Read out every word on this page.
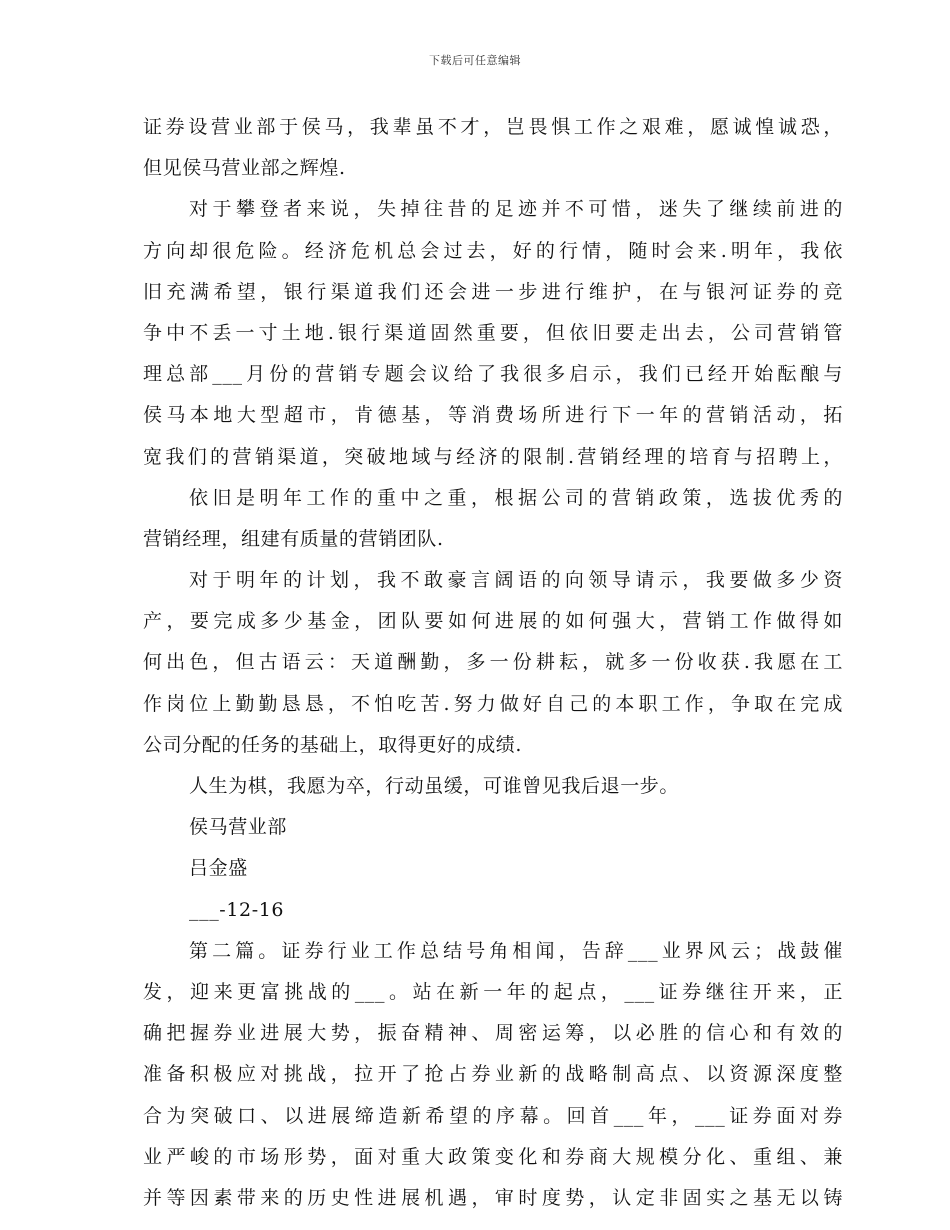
下载后可任意编辑
证券设营业部于侯马，我辈虽不才，岂畏惧工作之艰难，愿诚惶诚恐，
但见侯马营业部之辉煌.
对于攀登者来说，失掉往昔的足迹并不可惜，迷失了继续前进的
方向却很危险。经济危机总会过去，好的行情，随时会来.明年，我依
旧充满希望，银行渠道我们还会进一步进行维护，在与银河证券的竞
争中不丢一寸土地.银行渠道固然重要，但依旧要走出去，公司营销管
理总部___月份的营销专题会议给了我很多启示，我们已经开始酝酿与
侯马本地大型超市，肯德基，等消费场所进行下一年的营销活动，拓
宽我们的营销渠道，突破地域与经济的限制.营销经理的培育与招聘上，
依旧是明年工作的重中之重，根据公司的营销政策，选拔优秀的
营销经理，组建有质量的营销团队.
对于明年的计划，我不敢豪言阔语的向领导请示，我要做多少资
产，要完成多少基金，团队要如何进展的如何强大，营销工作做得如
何出色，但古语云：天道酬勤，多一份耕耘，就多一份收获.我愿在工
作岗位上勤勤恳恳，不怕吃苦.努力做好自己的本职工作，争取在完成
公司分配的任务的基础上，取得更好的成绩.
人生为棋，我愿为卒，行动虽缓，可谁曾见我后退一步。
侯马营业部
吕金盛
___-12-16
第二篇。证券行业工作总结号角相闻，告辞___业界风云；战鼓催
发，迎来更富挑战的___。站在新一年的起点，___证券继往开来，正
确把握券业进展大势，振奋精神、周密运筹，以必胜的信心和有效的
准备积极应对挑战，拉开了抢占券业新的战略制高点、以资源深度整
合为突破口、以进展缔造新希望的序幕。回首___年，___证券面对券
业严峻的市场形势，面对重大政策变化和券商大规模分化、重组、兼
并等因素带来的历史性进展机遇，审时度势，认定非固实之基无以铸
